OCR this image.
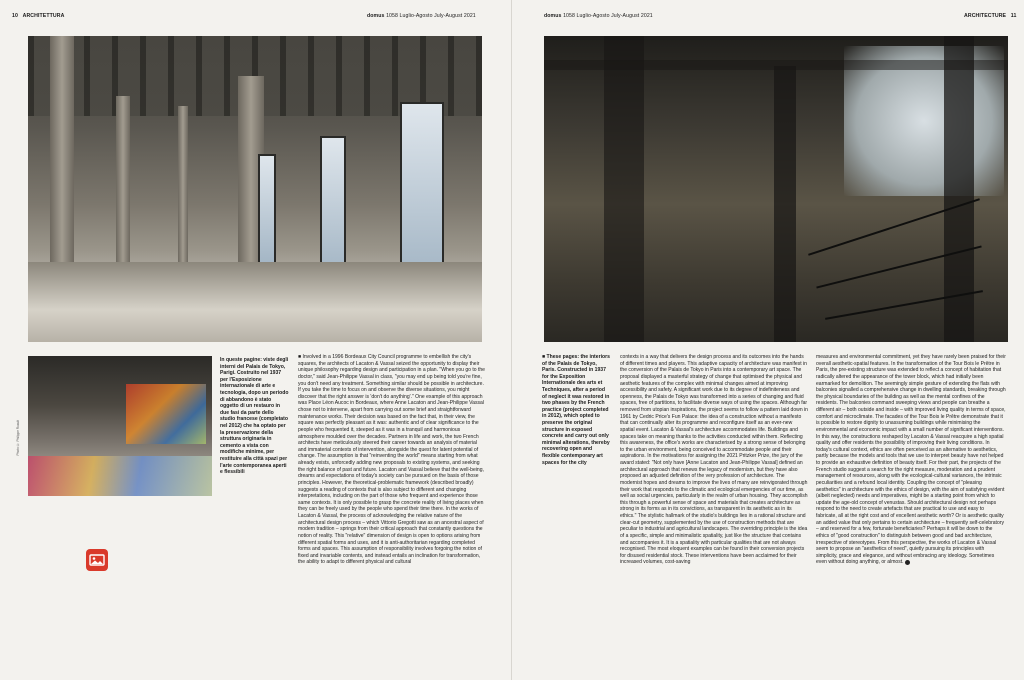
10 ARCHITETTURA	domus 1058 Luglio-Agosto July-August 2021
Photo © Philippe Ruault
In queste pagine: viste degli interni del Palais de Tokyo, Parigi. Costruito nel 1937 per l'Esposizione internazionale di arte e tecnologia, dopo un periodo di abbandono è stato oggetto di un restauro in due fasi da parte dello studio francese (completato nel 2012) che ha optato per la preservazione della struttura originaria in cemento a vista con modifiche minime, per restituire alla città spazi per l'arte contemporanea aperti e flessibili

■ Involved in a 1996 Bordeaux City Council programme to embellish the city's squares, the architects of Lacaton & Vassal seized the opportunity to display their unique philosophy regarding design and participation in a plan. "When you go to the doctor," said Jean-Philippe Vassal in class, "you may end up being told you're fine, you don't need any treatment. Something similar should be possible in architecture. If you take the time to focus on and observe the diverse situations, you might discover that the right answer is 'don't do anything'." One example of this approach was Place Léon Aucoc in Bordeaux, where Anne Lacaton and Jean-Philippe Vassal chose not to intervene, apart from carrying out some brief and straightforward maintenance works. Their decision was based on the fact that, in their view, the square was perfectly pleasant as it was: authentic and of clear significance to the people who frequented it, steeped as it was in a tranquil and harmonious atmosphere moulded over the decades. Partners in life and work, the two French architects have meticulously steered their career towards an analysis of material and immaterial contexts of intervention, alongside the quest for latent potential of change. The assumption is that "reinventing the world" means starting from what already exists, unforcedly adding new proposals to existing systems, and seeking the right balance of past and future. Lacaton and Vassal believe that the well-being, dreams and expectations of today's society can be pursued on the basis of those principles. However, the theoretical-problematic framework (described broadly) suggests a reading of contexts that is also subject to different and changing interpretations, including on the part of those who frequent and experience those same contexts. It is only possible to grasp the concrete reality of living places when they can be freely used by the people who spend their time there. In the works of Lacaton & Vassal, the process of acknowledging the relative nature of the architectural design process – which Vittorio Gregotti saw as an ancestral aspect of modern tradition – springs from their critical approach that constantly questions the notion of reality. This "relative" dimension of design is open to options arising from different spatial forms and uses, and it is anti-authoritarian regarding completed forms and spaces. This assumption of responsibility involves forgoing the notion of fixed and invariable contents, and instead entails an inclination for transformation, the ability to adapt to different physical and cultural

domus 1058 Luglio-Agosto July-August 2021	ARCHITECTURE 11
■ These pages: the interiors of the Palais de Tokyo, Paris. Constructed in 1937 for the Exposition Internationale des arts et Techniques, after a period of neglect it was restored in two phases by the French practice (project completed in 2012), which opted to preserve the original structure in exposed concrete and carry out only minimal alterations, thereby recovering open and flexible contemporary art spaces for the city

contexts in a way that delivers the design process and its outcomes into the hands of different times and players. This adaptive capacity of architecture was manifest in the conversion of the Palais de Tokyo in Paris into a contemporary art space. The proposal displayed a masterful strategy of change that optimised the physical and aesthetic features of the complex with minimal changes aimed at improving accessibility and safety. A significant work due to its degree of indefiniteness and openness, the Palais de Tokyo was transformed into a series of changing and fluid spaces, free of partitions, to facilitate diverse ways of using the spaces. Although far removed from utopian inspirations, the project seems to follow a pattern laid down in 1961 by Cedric Price's Fun Palace: the idea of a construction without a manifesto that can continually alter its programme and reconfigure itself as an ever-new spatial event. Lacaton & Vassal's architecture accommodates life. Buildings and spaces take on meaning thanks to the activities conducted within them. Reflecting this awareness, the office's works are characterised by a strong sense of belonging to the urban environment, being conceived to accommodate people and their aspirations. In the motivations for assigning the 2021 Pritzker Prize, the jury of the award stated: "Not only have [Anne Lacaton and Jean-Philippe Vassal] defined an architectural approach that renews the legacy of modernism, but they have also proposed an adjusted definition of the very profession of architecture. The modernist hopes and dreams to improve the lives of many are reinvigorated through their work that responds to the climatic and ecological emergencies of our time, as well as social urgencies, particularly in the realm of urban housing. They accomplish this through a powerful sense of space and materials that creates architecture as strong in its forms as in its convictions, as transparent in its aesthetic as in its ethics." The stylistic hallmark of the studio's buildings lies in a rational structure and clear-cut geometry, supplemented by the use of construction methods that are peculiar to industrial and agricultural landscapes. The overriding principle is the idea of a specific, simple and minimalistic spatiality, just like the structure that contains and accompanies it. It is a spatiality with particular qualities that are not always recognised. The most eloquent examples can be found in their conversion projects for disused residential stock. These interventions have been acclaimed for their increased volumes, cost-saving

measures and environmental commitment, yet they have rarely been praised for their overall aesthetic-spatial features. In the transformation of the Tour Bois le Prêtre in Paris, the pre-existing structure was extended to reflect a concept of habitation that radically altered the appearance of the tower block, which had initially been earmarked for demolition. The seemingly simple gesture of extending the flats with balconies signalled a comprehensive change in dwelling standards, breaking through the physical boundaries of the building as well as the mental confines of the residents. The balconies command sweeping views and people can breathe a different air – both outside and inside – with improved living quality in terms of space, comfort and microclimate. The facades of the Tour Bois le Prêtre demonstrate that it is possible to restore dignity to unassuming buildings while minimising the environmental and economic impact with a small number of significant interventions. In this way, the constructions reshaped by Lacaton & Vassal reacquire a high spatial quality and offer residents the possibility of improving their living conditions. In today's cultural context, ethics are often perceived as an alternative to aesthetics, partly because the models and tools that we use to interpret beauty have not helped to provide an exhaustive definition of beauty itself. For their part, the projects of the French studio suggest a search for the right measure, moderation and a prudent management of resources, along with the ecological-cultural variances, the intrinsic peculiarities and a refound local identity. Coupling the concept of "pleasing aesthetics" in architecture with the ethics of design, with the aim of satisfying evident (albeit neglected) needs and imperatives, might be a starting point from which to update the age-old concept of venustas. Should architectural design not perhaps respond to the need to create artefacts that are practical to use and easy to fabricate, all at the right cost and of excellent aesthetic worth? Or is aesthetic quality an added value that only pertains to certain architecture – frequently self-celebratory – and reserved for a few, fortunate beneficiaries? Perhaps it will be down to the ethics of "good construction" to distinguish between good and bad architecture, irrespective of stereotypes. From this perspective, the works of Lacaton & Vassal seem to propose an "aesthetics of need", quietly pursuing its principles with simplicity, grace and elegance, and without embracing any ideology. Sometimes even without doing anything, or almost.
